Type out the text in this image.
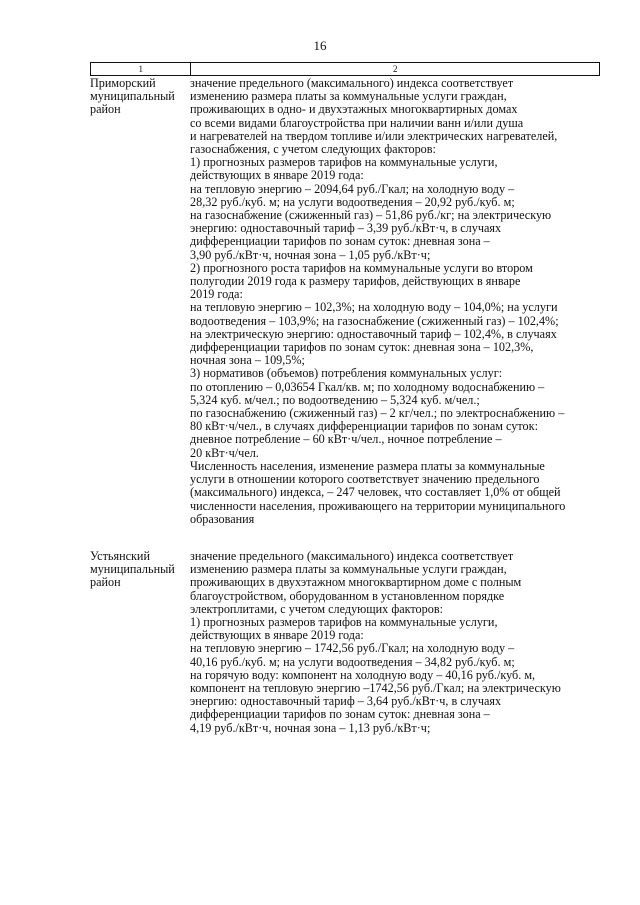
16
1	2
Приморский
муниципальный
район
значение предельного (максимального) индекса соответствует
изменению размера платы за коммунальные услуги граждан,
проживающих в одно- и двухэтажных многоквартирных домах
со всеми видами благоустройства при наличии ванн и/или душа
и нагревателей на твердом топливе и/или электрических нагревателей,
газоснабжения, с учетом следующих факторов:
1) прогнозных размеров тарифов на коммунальные услуги,
действующих в январе 2019 года:
на тепловую энергию – 2094,64 руб./Гкал; на холодную воду –
28,32 руб./куб. м; на услуги водоотведения – 20,92 руб./куб. м;
на газоснабжение (сжиженный газ) – 51,86 руб./кг; на электрическую
энергию: одноставочный тариф – 3,39 руб./кВт·ч, в случаях
дифференциации тарифов по зонам суток: дневная зона –
3,90 руб./кВт·ч, ночная зона – 1,05 руб./кВт·ч;
2) прогнозного роста тарифов на коммунальные услуги во втором
полугодии 2019 года к размеру тарифов, действующих в январе
2019 года:
на тепловую энергию – 102,3%; на холодную воду – 104,0%; на услуги
водоотведения – 103,9%; на газоснабжение (сжиженный газ) – 102,4%;
на электрическую энергию: одноставочный тариф – 102,4%, в случаях
дифференциации тарифов по зонам суток: дневная зона – 102,3%,
ночная зона – 109,5%;
3) нормативов (объемов) потребления коммунальных услуг:
по отоплению – 0,03654 Гкал/кв. м; по холодному водоснабжению –
5,324 куб. м/чел.; по водоотведению – 5,324 куб. м/чел.;
по газоснабжению (сжиженный газ) – 2 кг/чел.; по электроснабжению –
80 кВт·ч/чел., в случаях дифференциации тарифов по зонам суток:
дневное потребление – 60 кВт·ч/чел., ночное потребление –
20 кВт·ч/чел.
Численность населения, изменение размера платы за коммунальные
услуги в отношении которого соответствует значению предельного
(максимального) индекса, – 247 человек, что составляет 1,0% от общей
численности населения, проживающего на территории муниципального
образования
Устьянский
муниципальный
район
значение предельного (максимального) индекса соответствует
изменению размера платы за коммунальные услуги граждан,
проживающих в двухэтажном многоквартирном доме с полным
благоустройством, оборудованном в установленном порядке
электроплитами, с учетом следующих факторов:
1) прогнозных размеров тарифов на коммунальные услуги,
действующих в январе 2019 года:
на тепловую энергию – 1742,56 руб./Гкал; на холодную воду –
40,16 руб./куб. м; на услуги водоотведения – 34,82 руб./куб. м;
на горячую воду: компонент на холодную воду – 40,16 руб./куб. м,
компонент на тепловую энергию –1742,56 руб./Гкал; на электрическую
энергию: одноставочный тариф – 3,64 руб./кВт·ч, в случаях
дифференциации тарифов по зонам суток: дневная зона –
4,19 руб./кВт·ч, ночная зона – 1,13 руб./кВт·ч;
